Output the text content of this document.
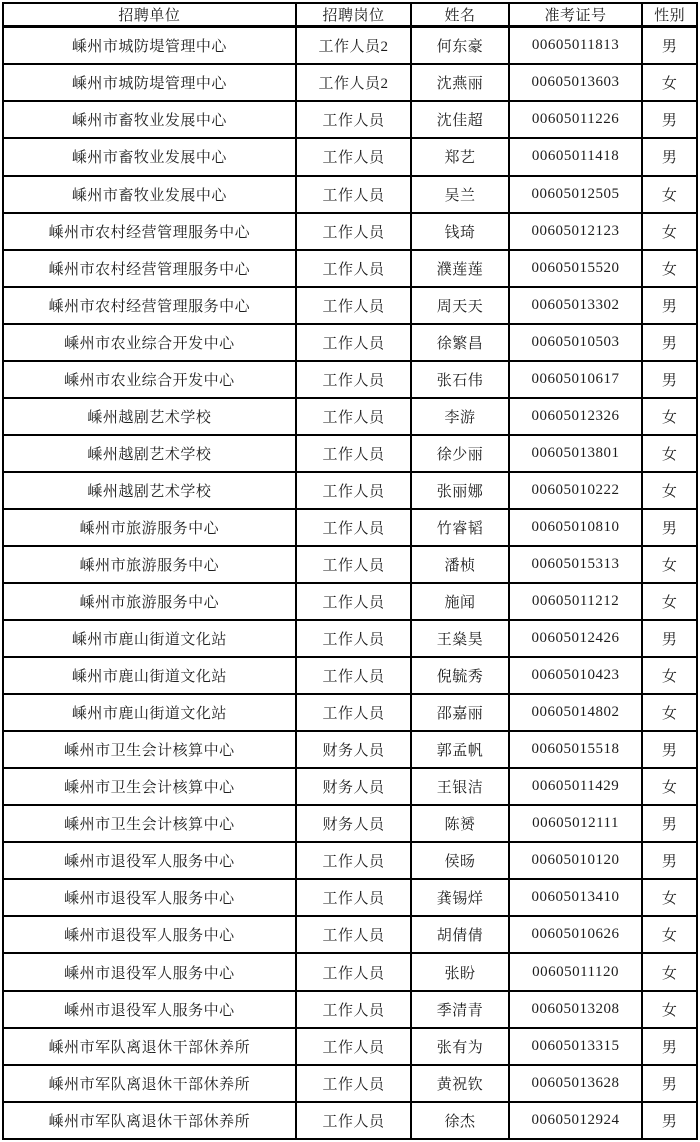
招聘单位	招聘岗位	姓名	准考证号	性别
嵊州市城防堤管理中心	工作人员2	何东豪	00605011813	男
嵊州市城防堤管理中心	工作人员2	沈燕丽	00605013603	女
嵊州市畜牧业发展中心	工作人员	沈佳超	00605011226	男
嵊州市畜牧业发展中心	工作人员	郑艺	00605011418	男
嵊州市畜牧业发展中心	工作人员	吴兰	00605012505	女
嵊州市农村经营管理服务中心	工作人员	钱琦	00605012123	女
嵊州市农村经营管理服务中心	工作人员	濮莲莲	00605015520	女
嵊州市农村经营管理服务中心	工作人员	周天天	00605013302	男
嵊州市农业综合开发中心	工作人员	徐繁昌	00605010503	男
嵊州市农业综合开发中心	工作人员	张石伟	00605010617	男
嵊州越剧艺术学校	工作人员	李游	00605012326	女
嵊州越剧艺术学校	工作人员	徐少丽	00605013801	女
嵊州越剧艺术学校	工作人员	张丽娜	00605010222	女
嵊州市旅游服务中心	工作人员	竹睿韬	00605010810	男
嵊州市旅游服务中心	工作人员	潘桢	00605015313	女
嵊州市旅游服务中心	工作人员	施闻	00605011212	女
嵊州市鹿山街道文化站	工作人员	王燊昊	00605012426	男
嵊州市鹿山街道文化站	工作人员	倪毓秀	00605010423	女
嵊州市鹿山街道文化站	工作人员	邵嘉丽	00605014802	女
嵊州市卫生会计核算中心	财务人员	郭孟帆	00605015518	男
嵊州市卫生会计核算中心	财务人员	王银洁	00605011429	女
嵊州市卫生会计核算中心	财务人员	陈赟	00605012111	男
嵊州市退役军人服务中心	工作人员	侯旸	00605010120	男
嵊州市退役军人服务中心	工作人员	龚锡烊	00605013410	女
嵊州市退役军人服务中心	工作人员	胡倩倩	00605010626	女
嵊州市退役军人服务中心	工作人员	张盼	00605011120	女
嵊州市退役军人服务中心	工作人员	季清青	00605013208	女
嵊州市军队离退休干部休养所	工作人员	张有为	00605013315	男
嵊州市军队离退休干部休养所	工作人员	黄祝钦	00605013628	男
嵊州市军队离退休干部休养所	工作人员	徐杰	00605012924	男
